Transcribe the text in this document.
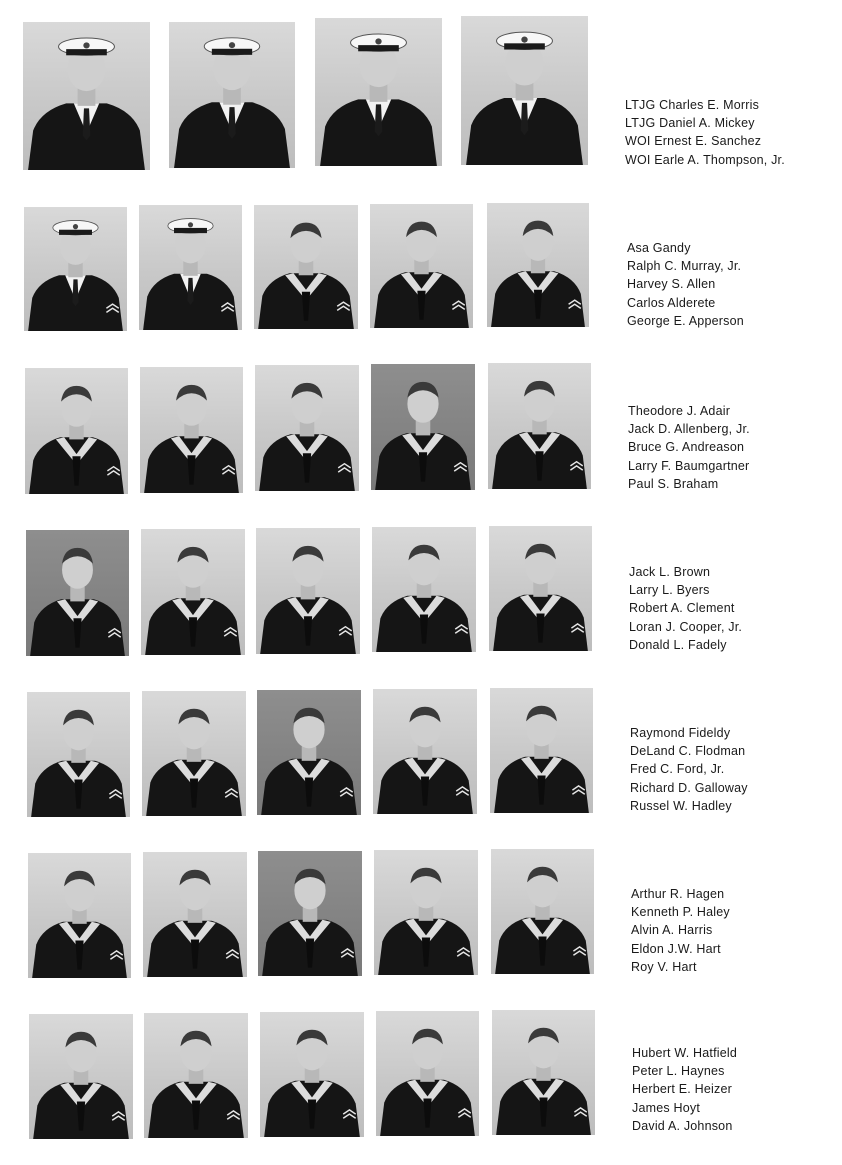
LTJG Charles E. Morris
LTJG Daniel A. Mickey
WOI Ernest E. Sanchez
WOI Earle A. Thompson, Jr.
Asa Gandy
Ralph C. Murray, Jr.
Harvey S. Allen
Carlos Alderete
George E. Apperson
Theodore J. Adair
Jack D. Allenberg, Jr.
Bruce G. Andreason
Larry F. Baumgartner
Paul S. Braham
Jack L. Brown
Larry L. Byers
Robert A. Clement
Loran J. Cooper, Jr.
Donald L. Fadely
Raymond Fideldy
DeLand C. Flodman
Fred C. Ford, Jr.
Richard D. Galloway
Russel W. Hadley
Arthur R. Hagen
Kenneth P. Haley
Alvin A. Harris
Eldon J.W. Hart
Roy V. Hart
Hubert W. Hatfield
Peter L. Haynes
Herbert E. Heizer
James Hoyt
David A. Johnson
